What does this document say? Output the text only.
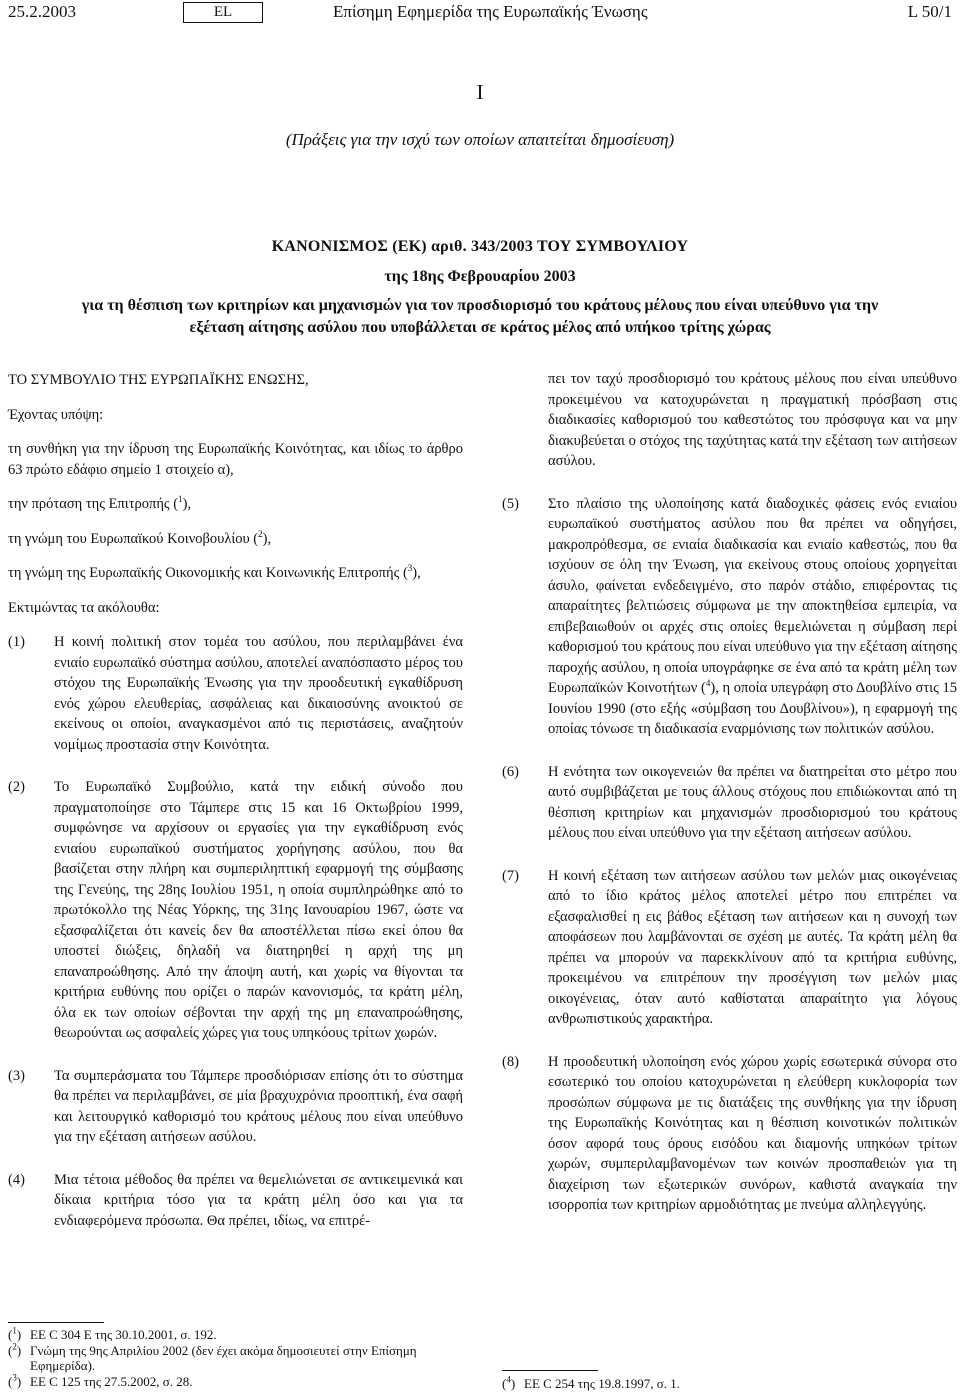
25.2.2003	EL	Επίσημη Εφημερίδα της Ευρωπαϊκής Ένωσης	L 50/1
I
(Πράξεις για την ισχύ των οποίων απαιτείται δημοσίευση)
ΚΑΝΟΝΙΣΜΟΣ (ΕΚ) αριθ. 343/2003 ΤΟΥ ΣΥΜΒΟΥΛΙΟΥ
της 18ης Φεβρουαρίου 2003
για τη θέσπιση των κριτηρίων και μηχανισμών για τον προσδιορισμό του κράτους μέλους που είναι υπεύθυνο για την εξέταση αίτησης ασύλου που υποβάλλεται σε κράτος μέλος από υπήκοο τρίτης χώρας

ΤΟ ΣΥΜΒΟΥΛΙΟ ΤΗΣ ΕΥΡΩΠΑΪΚΗΣ ΕΝΩΣΗΣ,

Έχοντας υπόψη:

τη συνθήκη για την ίδρυση της Ευρωπαϊκής Κοινότητας, και ιδίως το άρθρο 63 πρώτο εδάφιο σημείο 1 στοιχείο α),

την πρόταση της Επιτροπής ($^1$),

τη γνώμη του Ευρωπαϊκού Κοινοβουλίου ($^2$),

τη γνώμη της Ευρωπαϊκής Οικονομικής και Κοινωνικής Επιτροπής ($^3$),

Εκτιμώντας τα ακόλουθα:

(1)	Η κοινή πολιτική στον τομέα του ασύλου, που περιλαμβάνει ένα ενιαίο ευρωπαϊκό σύστημα ασύλου, αποτελεί αναπόσπαστο μέρος του στόχου της Ευρωπαϊκής Ένωσης για την προοδευτική εγκαθίδρυση ενός χώρου ελευθερίας, ασφάλειας και δικαιοσύνης ανοικτού σε εκείνους οι οποίοι, αναγκασμένοι από τις περιστάσεις, αναζητούν νομίμως προστασία στην Κοινότητα.
(2)	Το Ευρωπαϊκό Συμβούλιο, κατά την ειδική σύνοδο που πραγματοποίησε στο Τάμπερε στις 15 και 16 Οκτωβρίου 1999, συμφώνησε να αρχίσουν οι εργασίες για την εγκαθίδρυση ενός ενιαίου ευρωπαϊκού συστήματος χορήγησης ασύλου, που θα βασίζεται στην πλήρη και συμπεριληπτική εφαρμογή της σύμβασης της Γενεύης, της 28ης Ιουλίου 1951, η οποία συμπληρώθηκε από το πρωτόκολλο της Νέας Υόρκης, της 31ης Ιανουαρίου 1967, ώστε να εξασφαλίζεται ότι κανείς δεν θα αποστέλλεται πίσω εκεί όπου θα υποστεί διώξεις, δηλαδή να διατηρηθεί η αρχή της μη επαναπροώθησης. Από την άποψη αυτή, και χωρίς να θίγονται τα κριτήρια ευθύνης που ορίζει ο παρών κανονισμός, τα κράτη μέλη, όλα εκ των οποίων σέβονται την αρχή της μη επαναπροώθησης, θεωρούνται ως ασφαλείς χώρες για τους υπηκόους τρίτων χωρών.
(3)	Τα συμπεράσματα του Τάμπερε προσδιόρισαν επίσης ότι το σύστημα θα πρέπει να περιλαμβάνει, σε μία βραχυχρόνια προοπτική, ένα σαφή και λειτουργικό καθορισμό του κράτους μέλους που είναι υπεύθυνο για την εξέταση αιτήσεων ασύλου.
(4)	Μια τέτοια μέθοδος θα πρέπει να θεμελιώνεται σε αντικειμενικά και δίκαια κριτήρια τόσο για τα κράτη μέλη όσο και για τα ενδιαφερόμενα πρόσωπα. Θα πρέπει, ιδίως, να επιτρέ-

πει τον ταχύ προσδιορισμό του κράτους μέλους που είναι υπεύθυνο προκειμένου να κατοχυρώνεται η πραγματική πρόσβαση στις διαδικασίες καθορισμού του καθεστώτος του πρόσφυγα και να μην διακυβεύεται ο στόχος της ταχύτητας κατά την εξέταση των αιτήσεων ασύλου.

(5)	Στο πλαίσιο της υλοποίησης κατά διαδοχικές φάσεις ενός ενιαίου ευρωπαϊκού συστήματος ασύλου που θα πρέπει να οδηγήσει, μακροπρόθεσμα, σε ενιαία διαδικασία και ενιαίο καθεστώς, που θα ισχύουν σε όλη την Ένωση, για εκείνους στους οποίους χορηγείται άσυλο, φαίνεται ενδεδειγμένο, στο παρόν στάδιο, επιφέροντας τις απαραίτητες βελτιώσεις σύμφωνα με την αποκτηθείσα εμπειρία, να επιβεβαιωθούν οι αρχές στις οποίες θεμελιώνεται η σύμβαση περί καθορισμού του κράτους που είναι υπεύθυνο για την εξέταση αίτησης παροχής ασύλου, η οποία υπογράφηκε σε ένα από τα κράτη μέλη των Ευρωπαϊκών Κοινοτήτων ($^4$), η οποία υπεγράφη στο Δουβλίνο στις 15 Ιουνίου 1990 (στο εξής «σύμβαση του Δουβλίνου»), η εφαρμογή της οποίας τόνωσε τη διαδικασία εναρμόνισης των πολιτικών ασύλου.
(6)	Η ενότητα των οικογενειών θα πρέπει να διατηρείται στο μέτρο που αυτό συμβιβάζεται με τους άλλους στόχους που επιδιώκονται από τη θέσπιση κριτηρίων και μηχανισμών προσδιορισμού του κράτους μέλους που είναι υπεύθυνο για την εξέταση αιτήσεων ασύλου.
(7)	Η κοινή εξέταση των αιτήσεων ασύλου των μελών μιας οικογένειας από το ίδιο κράτος μέλος αποτελεί μέτρο που επιτρέπει να εξασφαλισθεί η εις βάθος εξέταση των αιτήσεων και η συνοχή των αποφάσεων που λαμβάνονται σε σχέση με αυτές. Τα κράτη μέλη θα πρέπει να μπορούν να παρεκκλίνουν από τα κριτήρια ευθύνης, προκειμένου να επιτρέπουν την προσέγγιση των μελών μιας οικογένειας, όταν αυτό καθίσταται απαραίτητο για λόγους ανθρωπιστικούς χαρακτήρα.
(8)	Η προοδευτική υλοποίηση ενός χώρου χωρίς εσωτερικά σύνορα στο εσωτερικό του οποίου κατοχυρώνεται η ελεύθερη κυκλοφορία των προσώπων σύμφωνα με τις διατάξεις της συνθήκης για την ίδρυση της Ευρωπαϊκής Κοινότητας και η θέσπιση κοινοτικών πολιτικών όσον αφορά τους όρους εισόδου και διαμονής υπηκόων τρίτων χωρών, συμπεριλαμβανομένων των κοινών προσπαθειών για τη διαχείριση των εξωτερικών συνόρων, καθιστά αναγκαία την ισορροπία των κριτηρίων αρμοδιότητας με πνεύμα αλληλεγγύης.
($^1$) ΕΕ C 304 Ε της 30.10.2001, σ. 192.
($^2$) Γνώμη της 9ης Απριλίου 2002 (δεν έχει ακόμα δημοσιευτεί στην Επίσημη Εφημερίδα).
($^3$) ΕΕ C 125 της 27.5.2002, σ. 28.	($^4$) ΕΕ C 254 της 19.8.1997, σ. 1.
